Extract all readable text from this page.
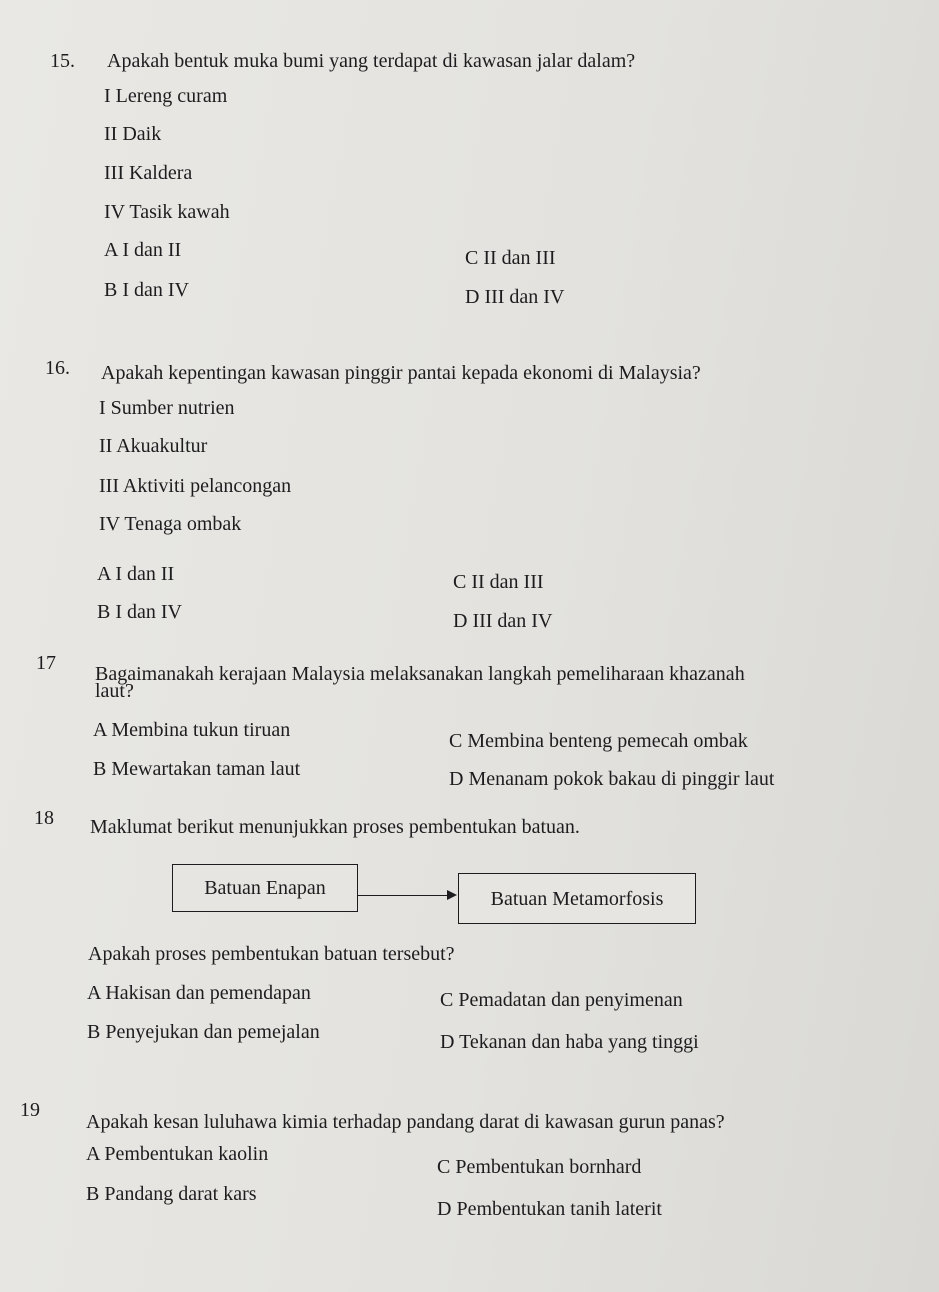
15. Apakah bentuk muka bumi yang terdapat di kawasan jalar dalam?
I Lereng curam
II Daik
III Kaldera
IV Tasik kawah
A I dan II
B I dan IV
C II dan III
D III dan IV
16. Apakah kepentingan kawasan pinggir pantai kepada ekonomi di Malaysia?
I Sumber nutrien
II Akuakultur
III Aktiviti pelancongan
IV Tenaga ombak
A I dan II
B I dan IV
C II dan III
D III dan IV
17 Bagaimanakah kerajaan Malaysia melaksanakan langkah pemeliharaan khazanah
laut?
A Membina tukun tiruan
B Mewartakan taman laut
C Membina benteng pemecah ombak
D Menanam pokok bakau di pinggir laut
18 Maklumat berikut menunjukkan proses pembentukan batuan.
Batuan Enapan	Batuan Metamorfosis
Apakah proses pembentukan batuan tersebut?
A Hakisan dan pemendapan
B Penyejukan dan pemejalan
C Pemadatan dan penyimenan
D Tekanan dan haba yang tinggi
19
Apakah kesan luluhawa kimia terhadap pandang darat di kawasan gurun panas?
A Pembentukan kaolin
B Pandang darat kars
C Pembentukan bornhard
D Pembentukan tanih laterit
